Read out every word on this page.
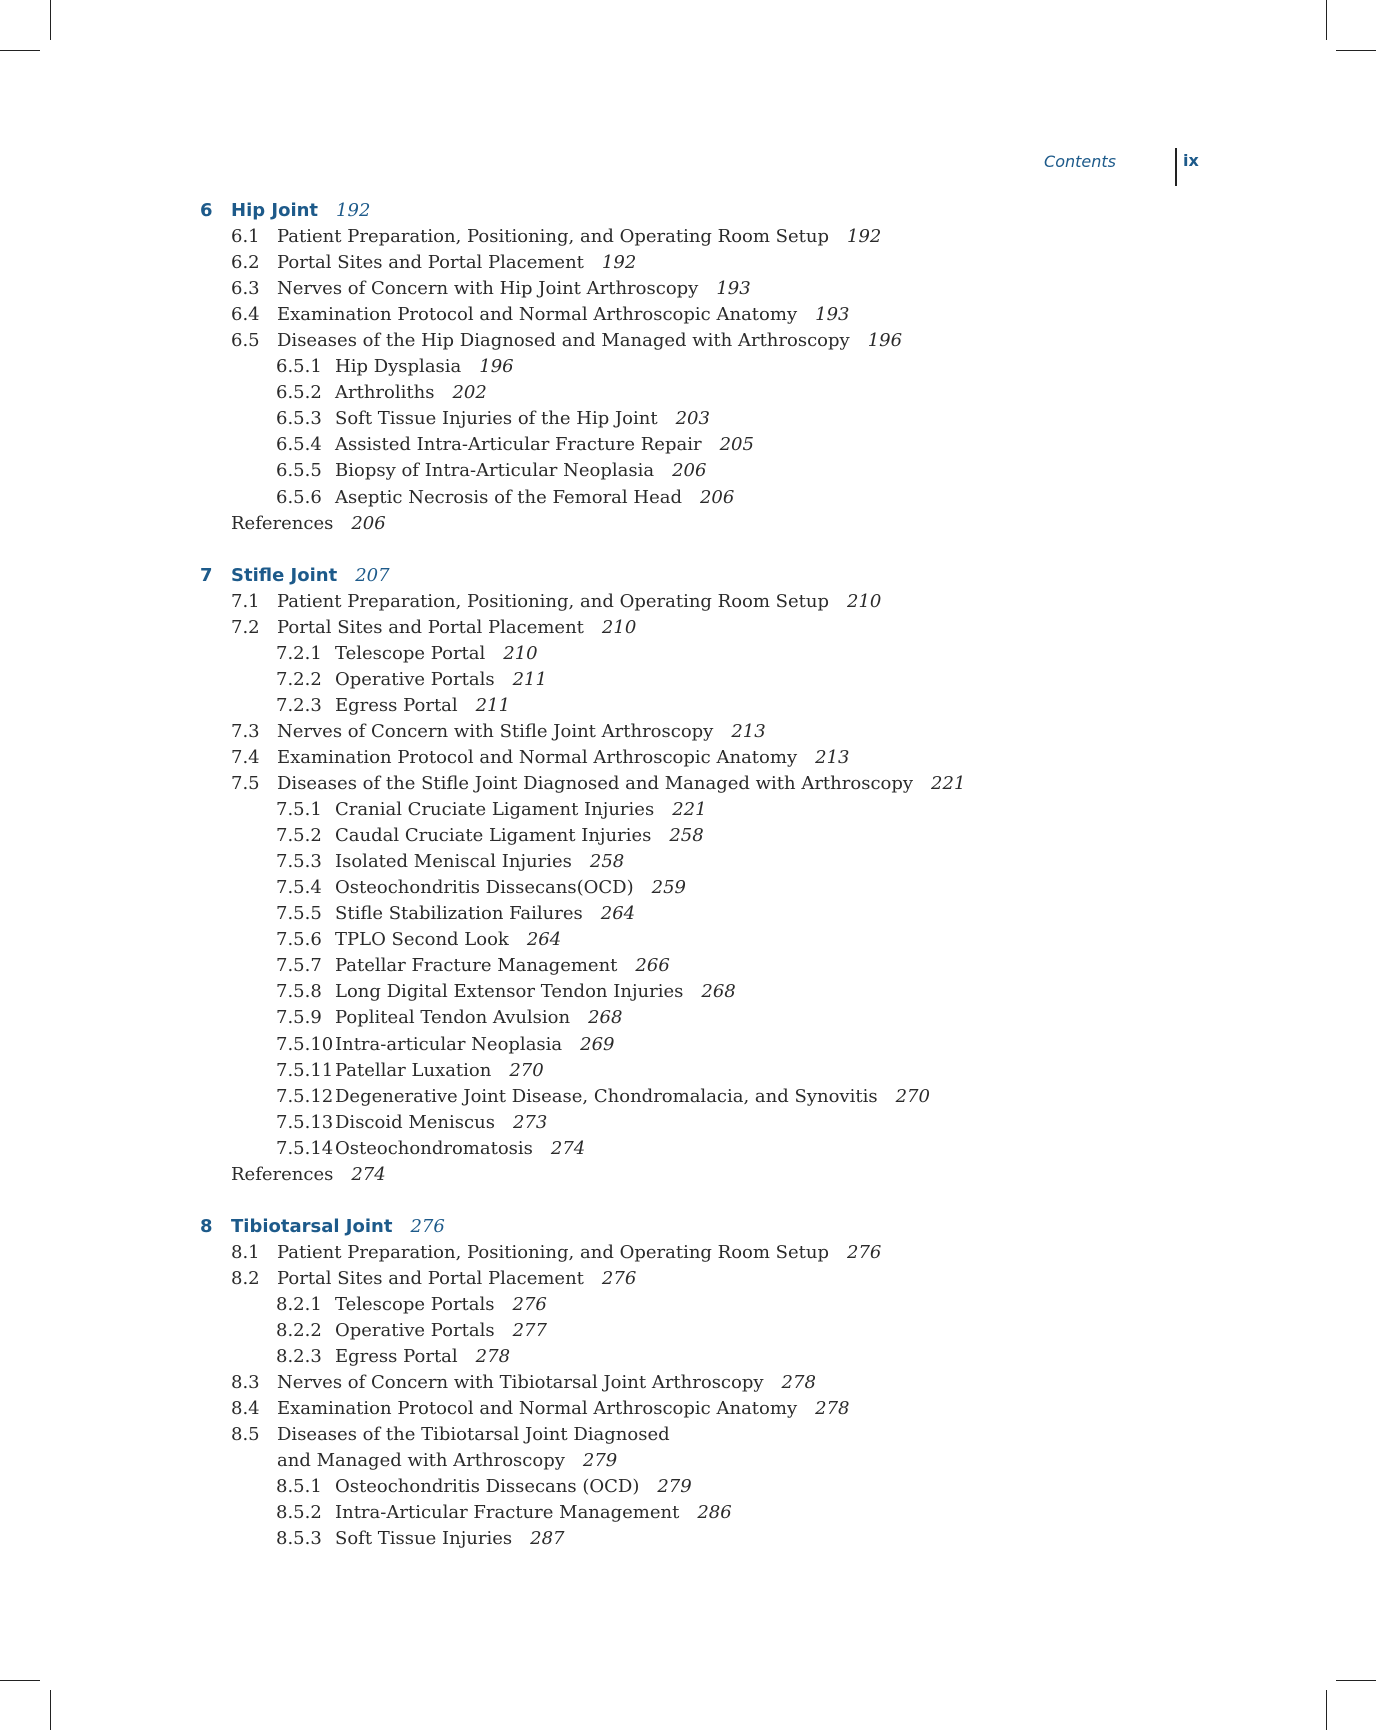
Contents	ix
6 Hip Joint 192
6.1 Patient Preparation, Positioning, and Operating Room Setup 192
6.2 Portal Sites and Portal Placement 192
6.3 Nerves of Concern with Hip Joint Arthroscopy 193
6.4 Examination Protocol and Normal Arthroscopic Anatomy 193
6.5 Diseases of the Hip Diagnosed and Managed with Arthroscopy 196
6.5.1 Hip Dysplasia 196
6.5.2 Arthroliths 202
6.5.3 Soft Tissue Injuries of the Hip Joint 203
6.5.4 Assisted Intra-Articular Fracture Repair 205
6.5.5 Biopsy of Intra-Articular Neoplasia 206
6.5.6 Aseptic Necrosis of the Femoral Head 206
References 206
7 Stifle Joint 207
7.1 Patient Preparation, Positioning, and Operating Room Setup 210
7.2 Portal Sites and Portal Placement 210
7.2.1 Telescope Portal 210
7.2.2 Operative Portals 211
7.2.3 Egress Portal 211
7.3 Nerves of Concern with Stifle Joint Arthroscopy 213
7.4 Examination Protocol and Normal Arthroscopic Anatomy 213
7.5 Diseases of the Stifle Joint Diagnosed and Managed with Arthroscopy 221
7.5.1 Cranial Cruciate Ligament Injuries 221
7.5.2 Caudal Cruciate Ligament Injuries 258
7.5.3 Isolated Meniscal Injuries 258
7.5.4 Osteochondritis Dissecans(OCD) 259
7.5.5 Stifle Stabilization Failures 264
7.5.6 TPLO Second Look 264
7.5.7 Patellar Fracture Management 266
7.5.8 Long Digital Extensor Tendon Injuries 268
7.5.9 Popliteal Tendon Avulsion 268
7.5.10 Intra-articular Neoplasia 269
7.5.11 Patellar Luxation 270
7.5.12 Degenerative Joint Disease, Chondromalacia, and Synovitis 270
7.5.13 Discoid Meniscus 273
7.5.14 Osteochondromatosis 274
References 274
8 Tibiotarsal Joint 276
8.1 Patient Preparation, Positioning, and Operating Room Setup 276
8.2 Portal Sites and Portal Placement 276
8.2.1 Telescope Portals 276
8.2.2 Operative Portals 277
8.2.3 Egress Portal 278
8.3 Nerves of Concern with Tibiotarsal Joint Arthroscopy 278
8.4 Examination Protocol and Normal Arthroscopic Anatomy 278
8.5 Diseases of the Tibiotarsal Joint Diagnosed
and Managed with Arthroscopy 279
8.5.1 Osteochondritis Dissecans (OCD) 279
8.5.2 Intra-Articular Fracture Management 286
8.5.3 Soft Tissue Injuries 287
